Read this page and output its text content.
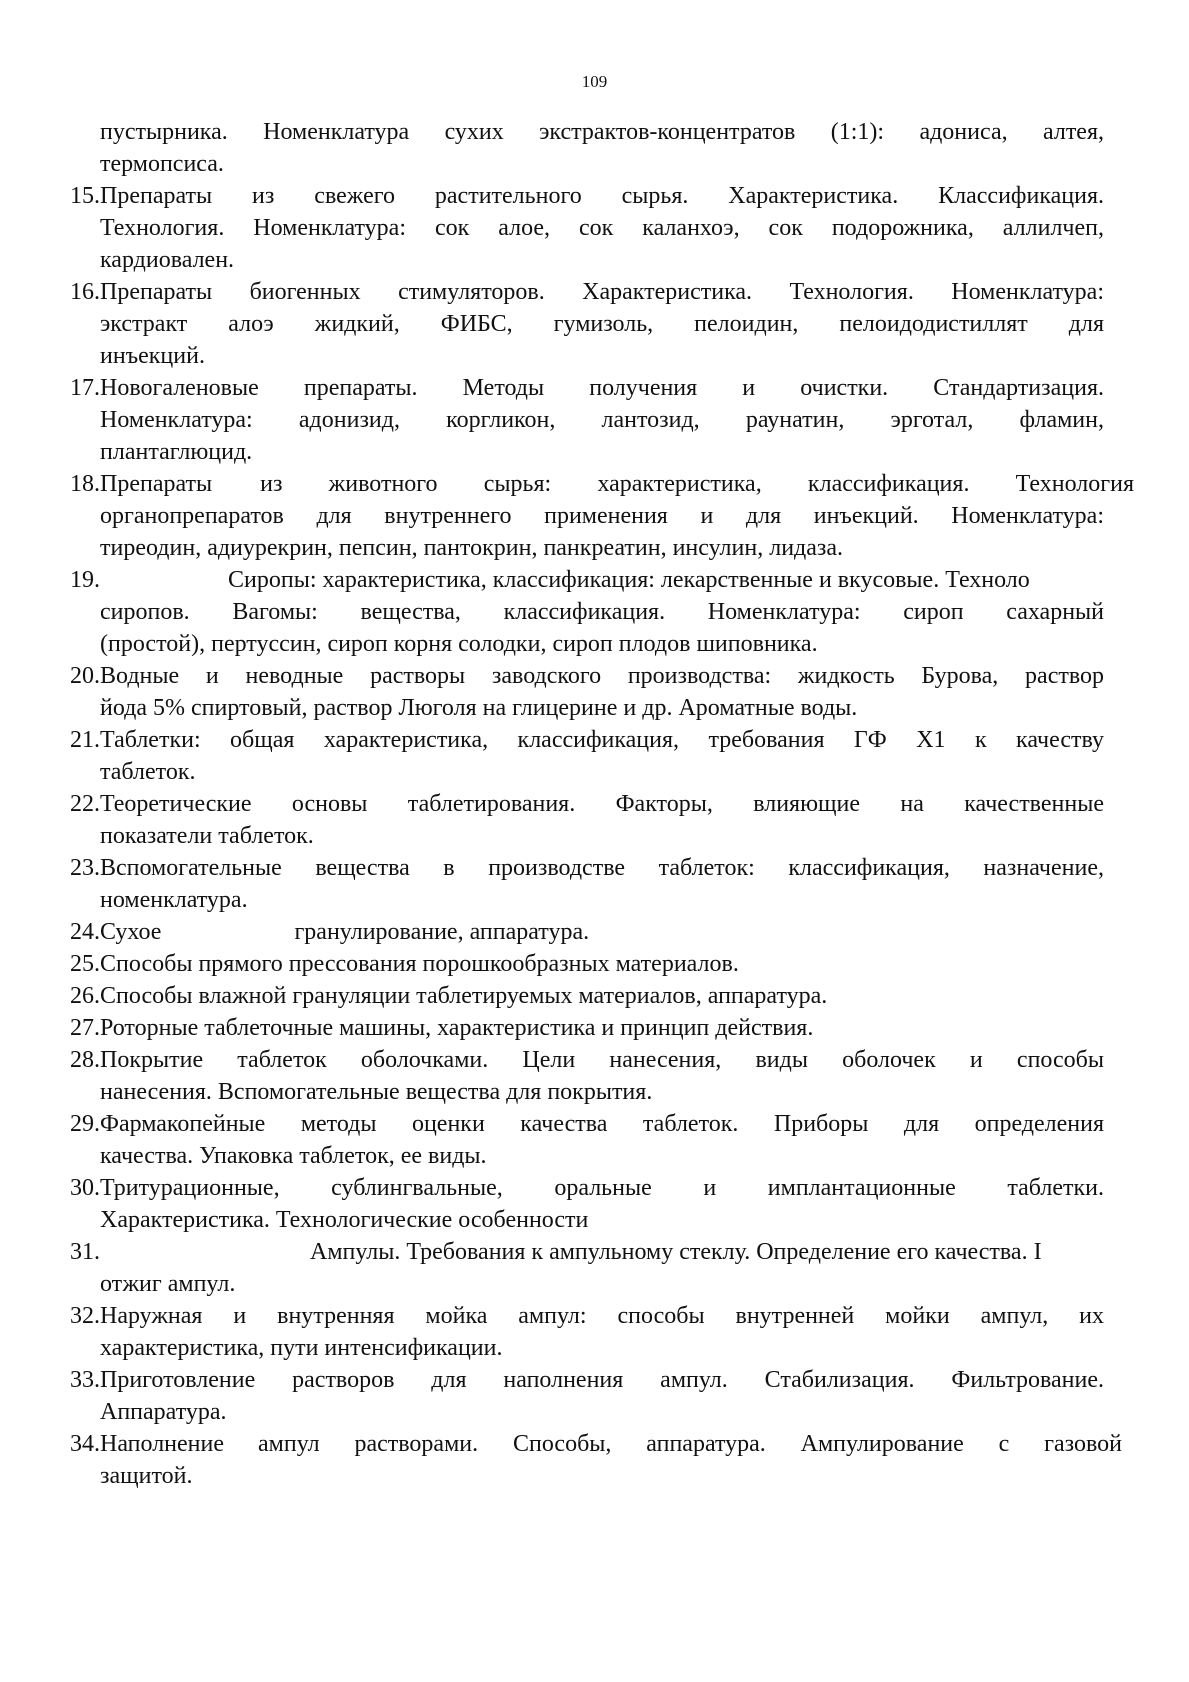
109
пустырника. Номенклатура сухих экстрактов-концентратов (1:1): адониса, алтея,
термопсиса.
15.Препараты из свежего растительного сырья. Характеристика. Классификация.
Технология. Номенклатура: сок алое, сок каланхоэ, сок подорожника, аллилчеп,
кардиовален.
16.Препараты биогенных стимуляторов. Характеристика. Технология. Номенклатура:
экстракт алоэ жидкий, ФИБС, гумизоль, пелоидин, пелоидодистиллят для
инъекций.
17.Новогаленовые препараты. Методы получения и очистки. Стандартизация.
Номенклатура: адонизид, коргликон, лантозид, раунатин, эрготал, фламин,
плантаглюцид.
18.Препараты из животного сырья: характеристика, классификация. Технология
органопрепаратов для внутреннего применения и для инъекций. Номенклатура:
тиреодин, адиурекрин, пепсин, пантокрин, панкреатин, инсулин, лидаза.
19.	Сиропы: характеристика, классификация: лекарственные и вкусовые. Техноло
сиропов. Вагомы: вещества, классификация. Номенклатура: сироп сахарный
(простой), пертуссин, сироп корня солодки, сироп плодов шиповника.
20.Водные и неводные растворы заводского производства: жидкость Бурова, раствор
йода 5% спиртовый, раствор Люголя на глицерине и др. Ароматные воды.
21.Таблетки: общая характеристика, классификация, требования ГФ Х1 к качеству
таблеток.
22.Теоретические основы таблетирования. Факторы, влияющие на качественные
показатели таблеток.
23.Вспомогательные вещества в производстве таблеток: классификация, назначение,
номенклатура.
24.Сухое	гранулирование, аппаратура.
25.Способы прямого прессования порошкообразных материалов.
26.Способы влажной грануляции таблетируемых материалов, аппаратура.
27.Роторные таблеточные машины, характеристика и принцип действия.
28.Покрытие таблеток оболочками. Цели нанесения, виды оболочек и способы
нанесения. Вспомогательные вещества для покрытия.
29.Фармакопейные методы оценки качества таблеток. Приборы для определения
качества. Упаковка таблеток, ее виды.
30.Тритурационные, сублингвальные, оральные и имплантационные таблетки.
Характеристика. Технологические особенности
31.	Ампулы. Требования к ампульному стеклу. Определение его качества. I
отжиг ампул.
32.Наружная и внутренняя мойка ампул: способы внутренней мойки ампул, их
характеристика, пути интенсификации.
33.Приготовление растворов для наполнения ампул. Стабилизация. Фильтрование.
Аппаратура.
34.Наполнение ампул растворами. Способы, аппаратура. Ампулирование с газовой
защитой.
